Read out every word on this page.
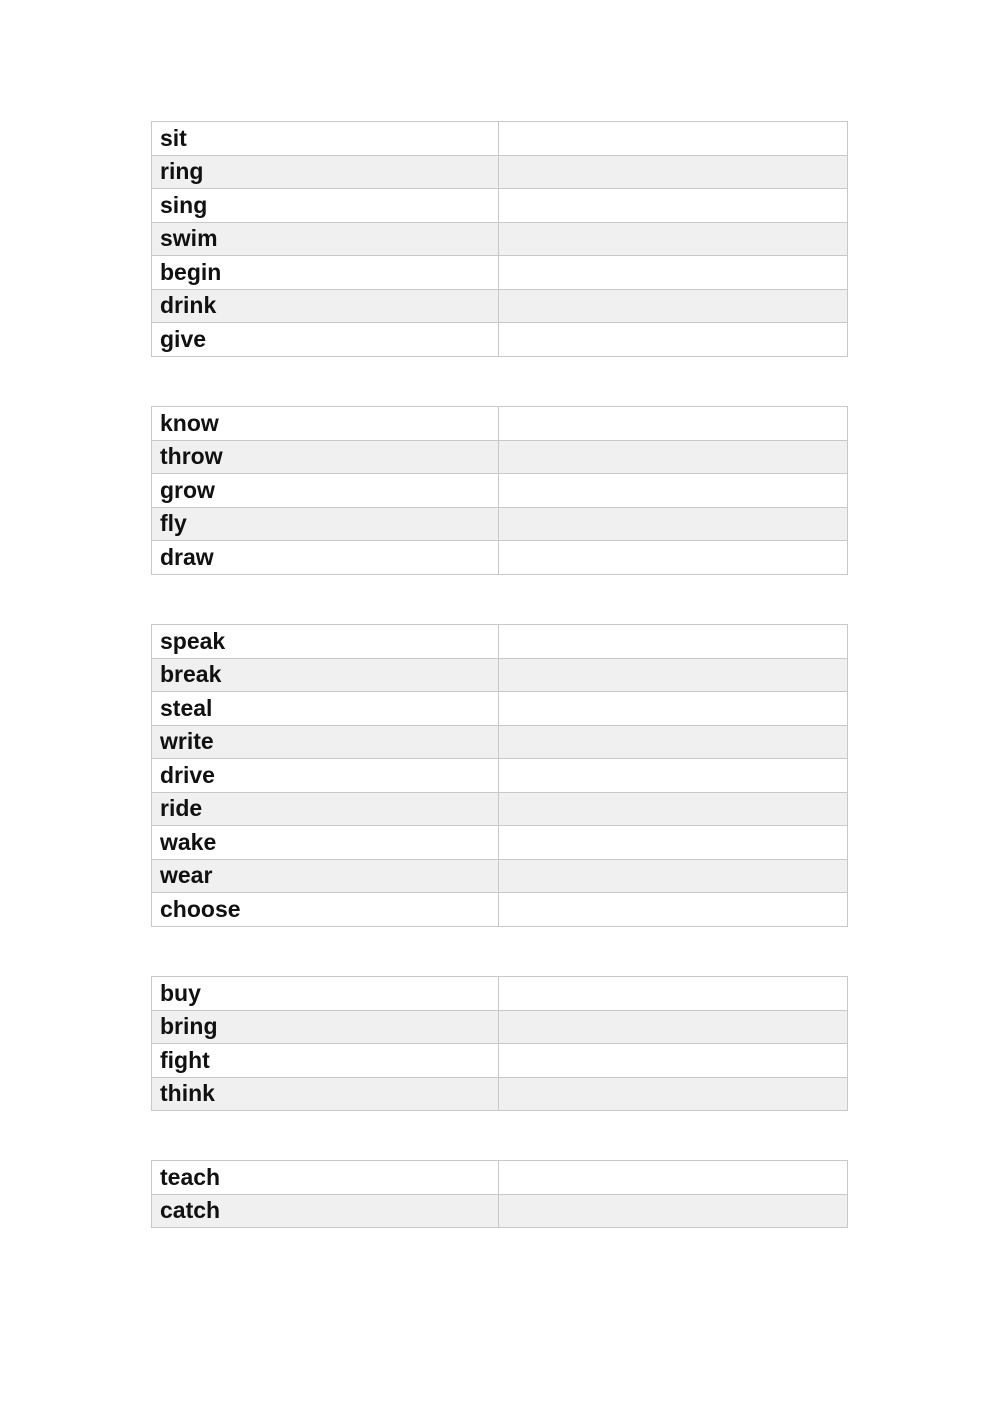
sit	
ring	
sing	
swim	
begin	
drink	
give	
know	
throw	
grow	
fly	
draw	
speak	
break	
steal	
write	
drive	
ride	
wake	
wear	
choose	
buy	
bring	
fight	
think	
teach	
catch	
